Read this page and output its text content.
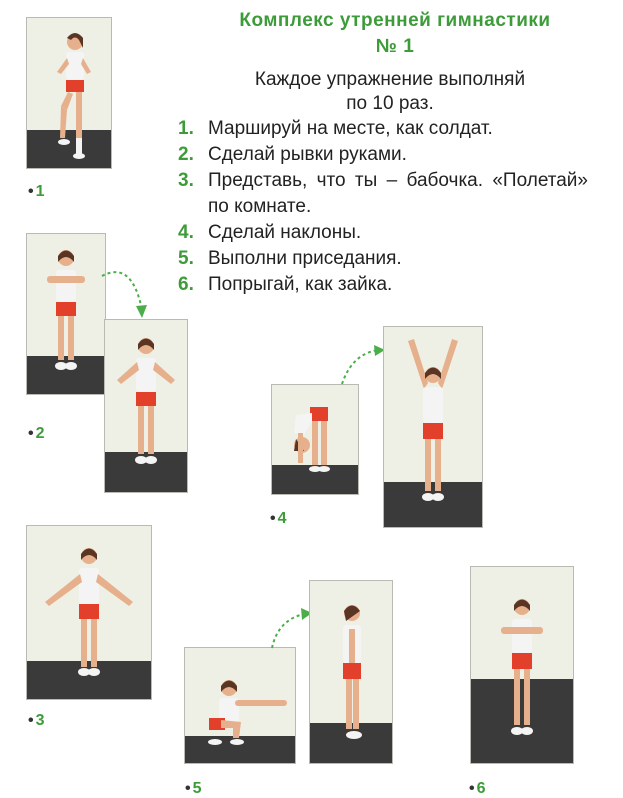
Комплекс утренней гимнастики
№ 1
Каждое упражнение выполняй
по 10 раз.
1. Маршируй на месте, как солдат.
2. Сделай рывки руками.
3. Представь, что ты – бабочка. «Полетай» по комнате.
4. Сделай наклоны.
5. Выполни приседания.
6. Попрыгай, как зайка.
• 1
• 2
• 4
• 3
• 5	• 6
